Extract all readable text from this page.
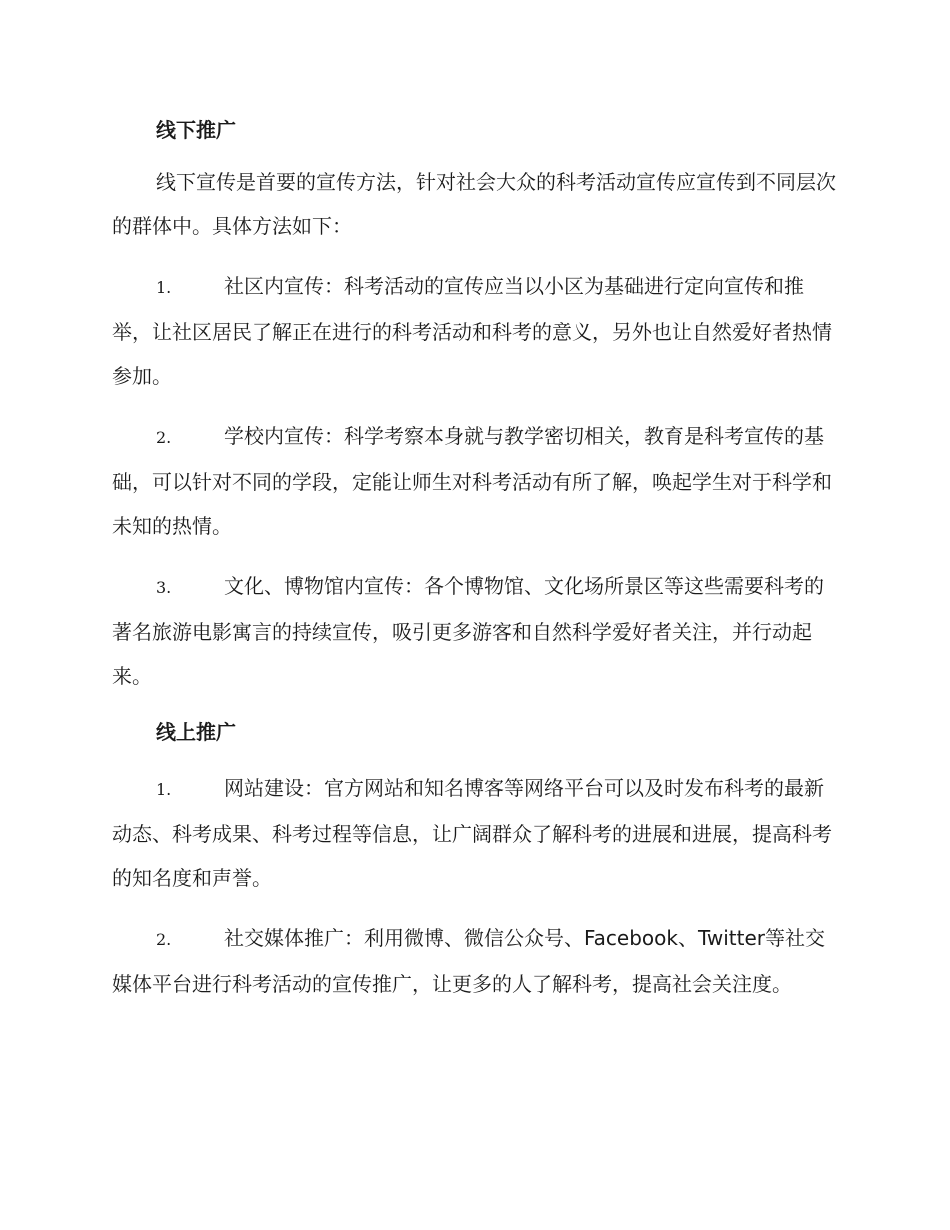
线下推广

线下宣传是首要的宣传方法，针对社会大众的科考活动宣传应宣传到不同层次的群体中。具体方法如下：

1.	社区内宣传：科考活动的宣传应当以小区为基础进行定向宣传和推举，让社区居民了解正在进行的科考活动和科考的意义，另外也让自然爱好者热情参加。

2.	学校内宣传：科学考察本身就与教学密切相关，教育是科考宣传的基础，可以针对不同的学段，定能让师生对科考活动有所了解，唤起学生对于科学和未知的热情。

3.	文化、博物馆内宣传：各个博物馆、文化场所景区等这些需要科考的著名旅游电影寓言的持续宣传，吸引更多游客和自然科学爱好者关注，并行动起来。

线上推广

1.	网站建设：官方网站和知名博客等网络平台可以及时发布科考的最新动态、科考成果、科考过程等信息，让广阔群众了解科考的进展和进展，提高科考的知名度和声誉。

2.	社交媒体推广：利用微博、微信公众号、Facebook、Twitter等社交媒体平台进行科考活动的宣传推广，让更多的人了解科考，提高社会关注度。
